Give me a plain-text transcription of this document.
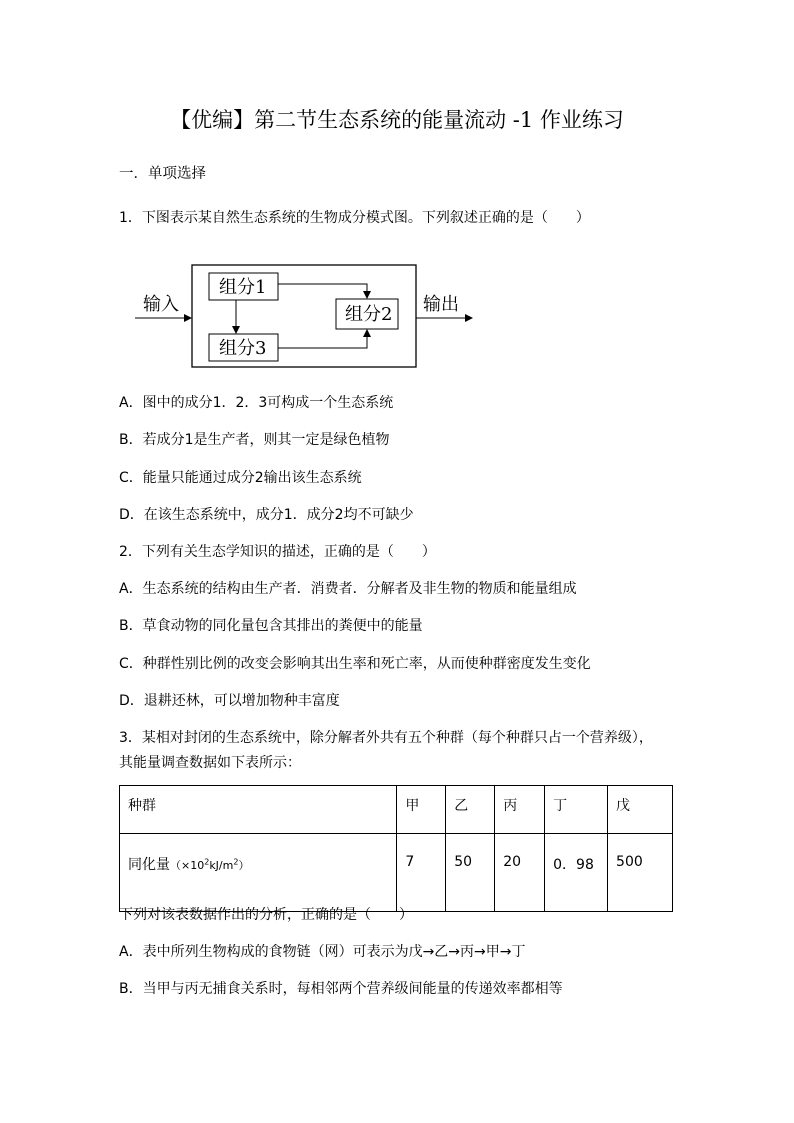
【优编】第二节生态系统的能量流动 -1 作业练习
一．单项选择
1．下图表示某自然生态系统的生物成分模式图。下列叙述正确的是（　　）
组分1
组分2
组分3
输入	输出
A．图中的成分1．2．3可构成一个生态系统
B．若成分1是生产者，则其一定是绿色植物
C．能量只能通过成分2输出该生态系统
D．在该生态系统中，成分1．成分2均不可缺少
2．下列有关生态学知识的描述，正确的是（　　）
A．生态系统的结构由生产者．消费者．分解者及非生物的物质和能量组成
B．草食动物的同化量包含其排出的粪便中的能量
C．种群性别比例的改变会影响其出生率和死亡率，从而使种群密度发生变化
D．退耕还林，可以增加物种丰富度
3．某相对封闭的生态系统中，除分解者外共有五个种群（每个种群只占一个营养级），
其能量调查数据如下表所示：
种群	甲	乙	丙	丁	戊
同化量$(\times 10^2kJ/m^2)$	7	50	20	0．98	500
下列对该表数据作出的分析，正确的是（　　）
A．表中所列生物构成的食物链（网）可表示为戊→乙→丙→甲→丁
B．当甲与丙无捕食关系时，每相邻两个营养级间能量的传递效率都相等
